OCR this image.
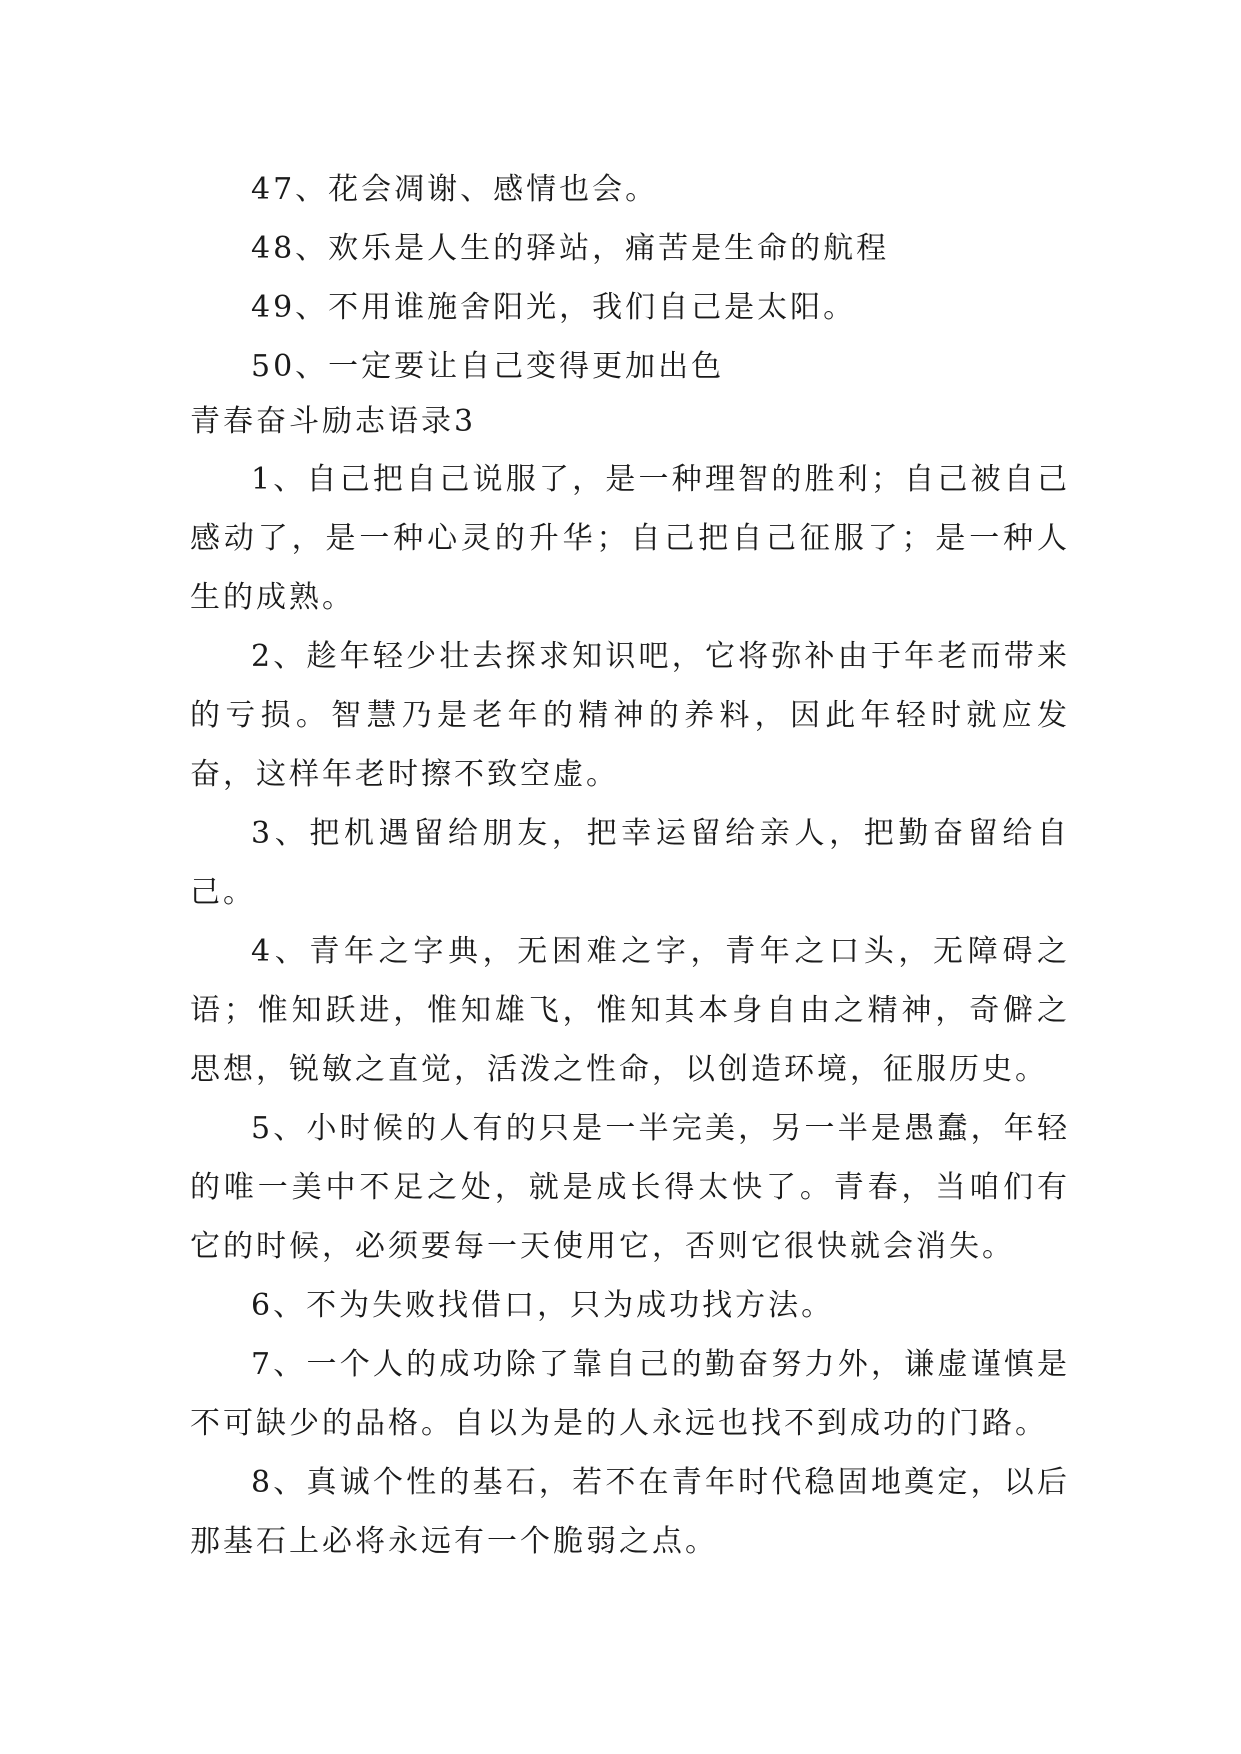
47、花会凋谢、感情也会。

48、欢乐是人生的驿站，痛苦是生命的航程

49、不用谁施舍阳光，我们自己是太阳。

50、一定要让自己变得更加出色

青春奋斗励志语录3

1、自己把自己说服了，是一种理智的胜利；自己被自己感动了，是一种心灵的升华；自己把自己征服了；是一种人生的成熟。

2、趁年轻少壮去探求知识吧，它将弥补由于年老而带来的亏损。智慧乃是老年的精神的养料，因此年轻时就应发奋，这样年老时擦不致空虚。

3、把机遇留给朋友，把幸运留给亲人，把勤奋留给自己。

4、青年之字典，无困难之字，青年之口头，无障碍之语；惟知跃进，惟知雄飞，惟知其本身自由之精神，奇僻之思想，锐敏之直觉，活泼之性命，以创造环境，征服历史。

5、小时候的人有的只是一半完美，另一半是愚蠢，年轻的唯一美中不足之处，就是成长得太快了。青春，当咱们有它的时候，必须要每一天使用它，否则它很快就会消失。

6、不为失败找借口，只为成功找方法。

7、一个人的成功除了靠自己的勤奋努力外，谦虚谨慎是不可缺少的品格。自以为是的人永远也找不到成功的门路。

8、真诚个性的基石，若不在青年时代稳固地奠定，以后那基石上必将永远有一个脆弱之点。
